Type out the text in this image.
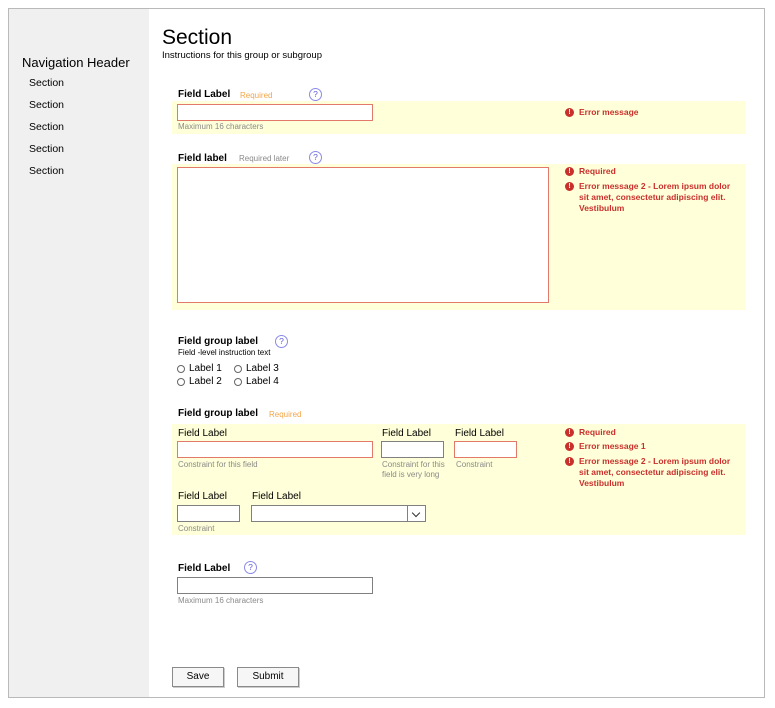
Navigation Header
Section
Section
Section
Section
Section
Section
Instructions for this group or subgroup
Field Label Required	?
Maximum 16 characters
! Error message
Field label Required later	?
! Required
! Error message 2 - Lorem ipsum dolor sit amet, consectetur adipiscing elit. Vestibulum
Field group label	?
Field -level instruction text
Label 1 Label 3
Label 2 Label 4
Field group label Required
Field Label
Constraint for this field
Field Label
Constraint for this field is very long
Field Label
Constraint
Field Label
Constraint
Field Label
! Required
! Error message 1
! Error message 2 - Lorem ipsum dolor sit amet, consectetur adipiscing elit. Vestibulum
Field Label	?
Maximum 16 characters
Save	Submit
